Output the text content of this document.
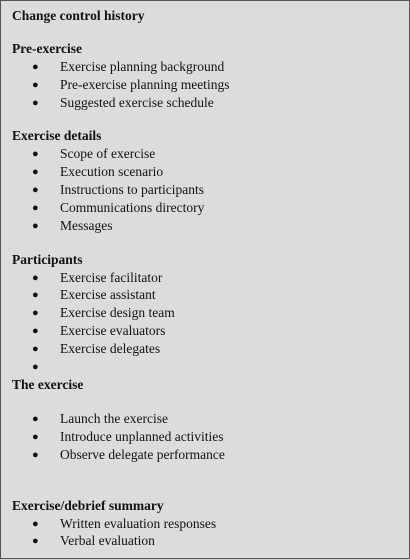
Change control history
Pre-exercise
● Exercise planning background
● Pre-exercise planning meetings
● Suggested exercise schedule
Exercise details
● Scope of exercise
● Execution scenario
● Instructions to participants
● Communications directory
● Messages
Participants
● Exercise facilitator
● Exercise assistant
● Exercise design team
● Exercise evaluators
● Exercise delegates
●
The exercise
● Launch the exercise
● Introduce unplanned activities
● Observe delegate performance
Exercise/debrief summary
● Written evaluation responses
● Verbal evaluation
